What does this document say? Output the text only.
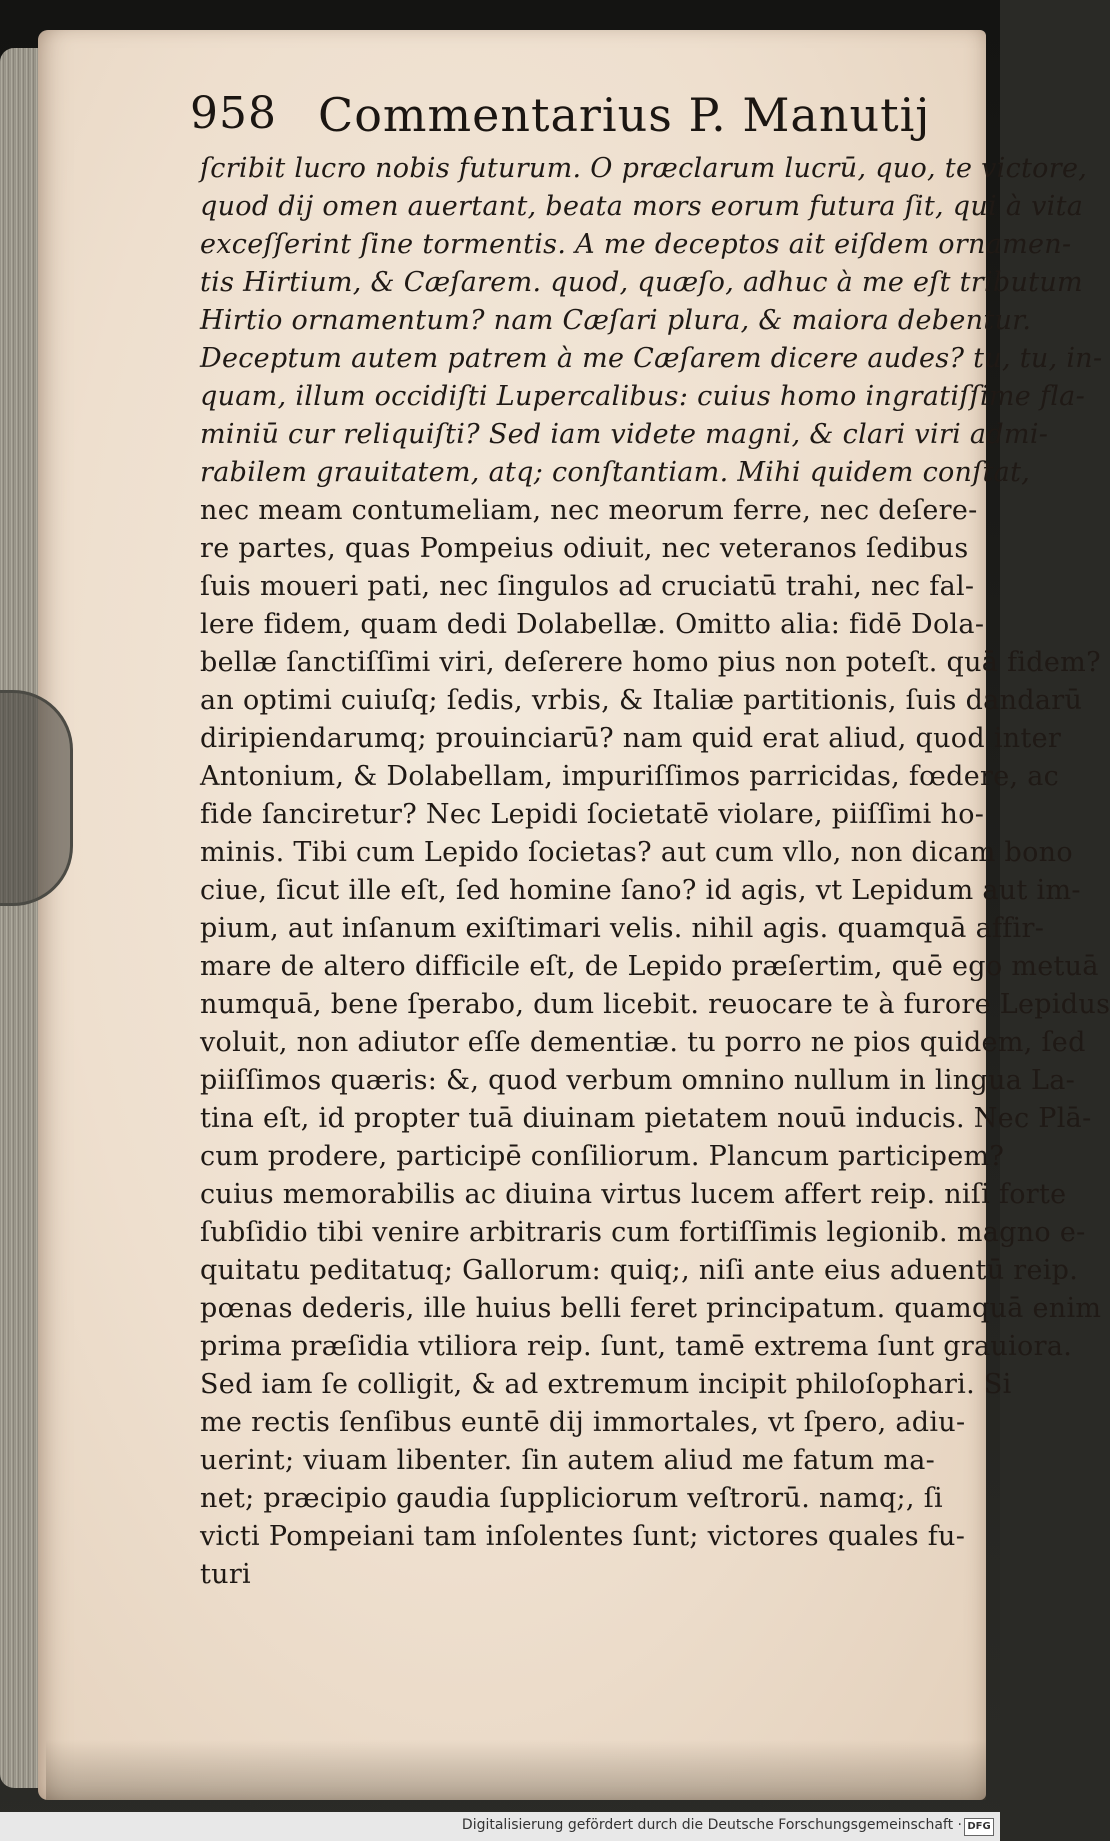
958 Commentarius P. Manutij
ſcribit lucro nobis futurum. O præclarum lucrū, quo, te victore,
quod dij omen auertant, beata mors eorum futura ſit, qui à vita
exceſſerint ſine tormentis. A me deceptos ait eiſdem ornamen-
tis Hirtium, & Cæſarem. quod, quæſo, adhuc à me eſt tributum
Hirtio ornamentum? nam Cæſari plura, & maiora debentur.
Deceptum autem patrem à me Cæſarem dicere audes? tu, tu, in-
quam, illum occidiſti Lupercalibus: cuius homo ingratiſſime fla-
miniū cur reliquiſti? Sed iam videte magni, & clari viri admi-
rabilem grauitatem, atq; conſtantiam. Mihi quidem conſtat,
nec meam contumeliam, nec meorum ferre, nec deſere-
re partes, quas Pompeius odiuit, nec veteranos ſedibus
ſuis moueri pati, nec ſingulos ad cruciatū trahi, nec fal-
lere fidem, quam dedi Dolabellæ. Omitto alia: fidē Dola-
bellæ ſanctiſſimi viri, deſerere homo pius non poteſt. quā fidem?
an optimi cuiuſq; ſedis, vrbis, & Italiæ partitionis, ſuis dandarū
diripiendarumq; prouinciarū? nam quid erat aliud, quod inter
Antonium, & Dolabellam, impuriſſimos parricidas, fœdere, ac
fide ſanciretur? Nec Lepidi ſocietatē violare, piiſſimi ho-
minis. Tibi cum Lepido ſocietas? aut cum vllo, non dicam bono
ciue, ſicut ille eſt, ſed homine ſano? id agis, vt Lepidum aut im-
pium, aut inſanum exiſtimari velis. nihil agis. quamquā affir-
mare de altero difficile eſt, de Lepido præſertim, quē ego metuā
numquā, bene ſperabo, dum licebit. reuocare te à furore Lepidus
voluit, non adiutor eſſe dementiæ. tu porro ne pios quidem, ſed
piiſſimos quæris: &, quod verbum omnino nullum in lingua La-
tina eſt, id propter tuā diuinam pietatem nouū inducis. Nec Plā-
cum prodere, participē conſiliorum. Plancum participem?
cuius memorabilis ac diuina virtus lucem affert reip. niſi forte
ſubſidio tibi venire arbitraris cum fortiſſimis legionib. magno e-
quitatu peditatuq; Gallorum: quiq;, niſi ante eius aduentū reip.
pœnas dederis, ille huius belli feret principatum. quamquā enim
prima præſidia vtiliora reip. ſunt, tamē extrema ſunt grauiora.
Sed iam ſe colligit, & ad extremum incipit philoſophari. Si
me rectis ſenſibus euntē dij immortales, vt ſpero, adiu-
uerint; viuam libenter. ſin autem aliud me fatum ma-
net; præcipio gaudia ſuppliciorum veſtrorū. namq;, ſi
victi Pompeiani tam inſolentes ſunt; victores quales fu-
turi
Digitalisierung gefördert durch die Deutsche Forschungsgemeinschaft · DFG
